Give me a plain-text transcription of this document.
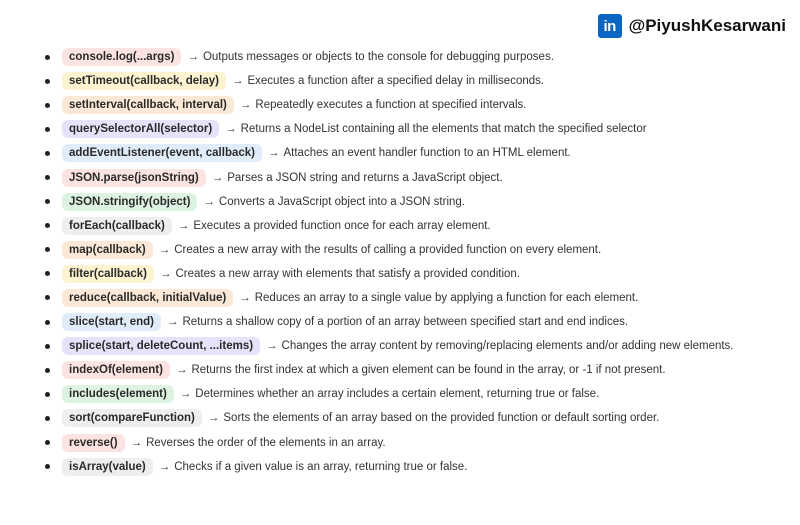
in @PiyushKesarwani
console.log(...args)	→ Outputs messages or objects to the console for debugging purposes.
setTimeout(callback, delay)	→ Executes a function after a specified delay in milliseconds.
setInterval(callback, interval)	→ Repeatedly executes a function at specified intervals.
querySelectorAll(selector)	→ Returns a NodeList containing all the elements that match the specified selector
addEventListener(event, callback)	→ Attaches an event handler function to an HTML element.
JSON.parse(jsonString)	→ Parses a JSON string and returns a JavaScript object.
JSON.stringify(object)	→ Converts a JavaScript object into a JSON string.
forEach(callback)	→ Executes a provided function once for each array element.
map(callback)	→ Creates a new array with the results of calling a provided function on every element.
filter(callback)	→ Creates a new array with elements that satisfy a provided condition.
reduce(callback, initialValue)	→ Reduces an array to a single value by applying a function for each element.
slice(start, end)	→ Returns a shallow copy of a portion of an array between specified start and end indices.
splice(start, deleteCount, ...items)	→ Changes the array content by removing/replacing elements and/or adding new elements.
indexOf(element)	→ Returns the first index at which a given element can be found in the array, or -1 if not present.
includes(element)	→ Determines whether an array includes a certain element, returning true or false.
sort(compareFunction)	→ Sorts the elements of an array based on the provided function or default sorting order.
reverse()	→ Reverses the order of the elements in an array.
isArray(value)	→ Checks if a given value is an array, returning true or false.
